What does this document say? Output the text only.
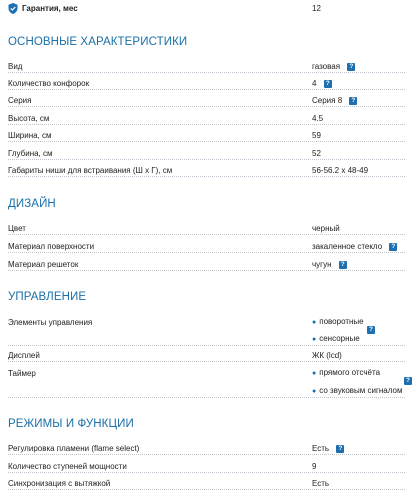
Гарантия, мес	12
ОСНОВНЫЕ ХАРАКТЕРИСТИКИ
Вид	газовая ?
Количество конфорок	4 ?
Серия	Серия 8 ?
Высота, см	4.5
Ширина, см	59
Глубина, см	52
Габариты ниши для встраивания (Ш х Г), см	56-56.2 х 48-49
ДИЗАЙН
Цвет	черный
Материал поверхности	закаленное стекло ?
Материал решеток	чугун ?
УПРАВЛЕНИЕ
Элементы управления	● поворотные
?
● сенсорные
Дисплей	ЖК (lcd)
Таймер	● прямого отсчёта
?
● со звуковым сигналом
РЕЖИМЫ И ФУНКЦИИ
Регулировка пламени (flame select)	Есть ?
Количество ступеней мощности	9
Синхронизация с вытяжкой	Есть
